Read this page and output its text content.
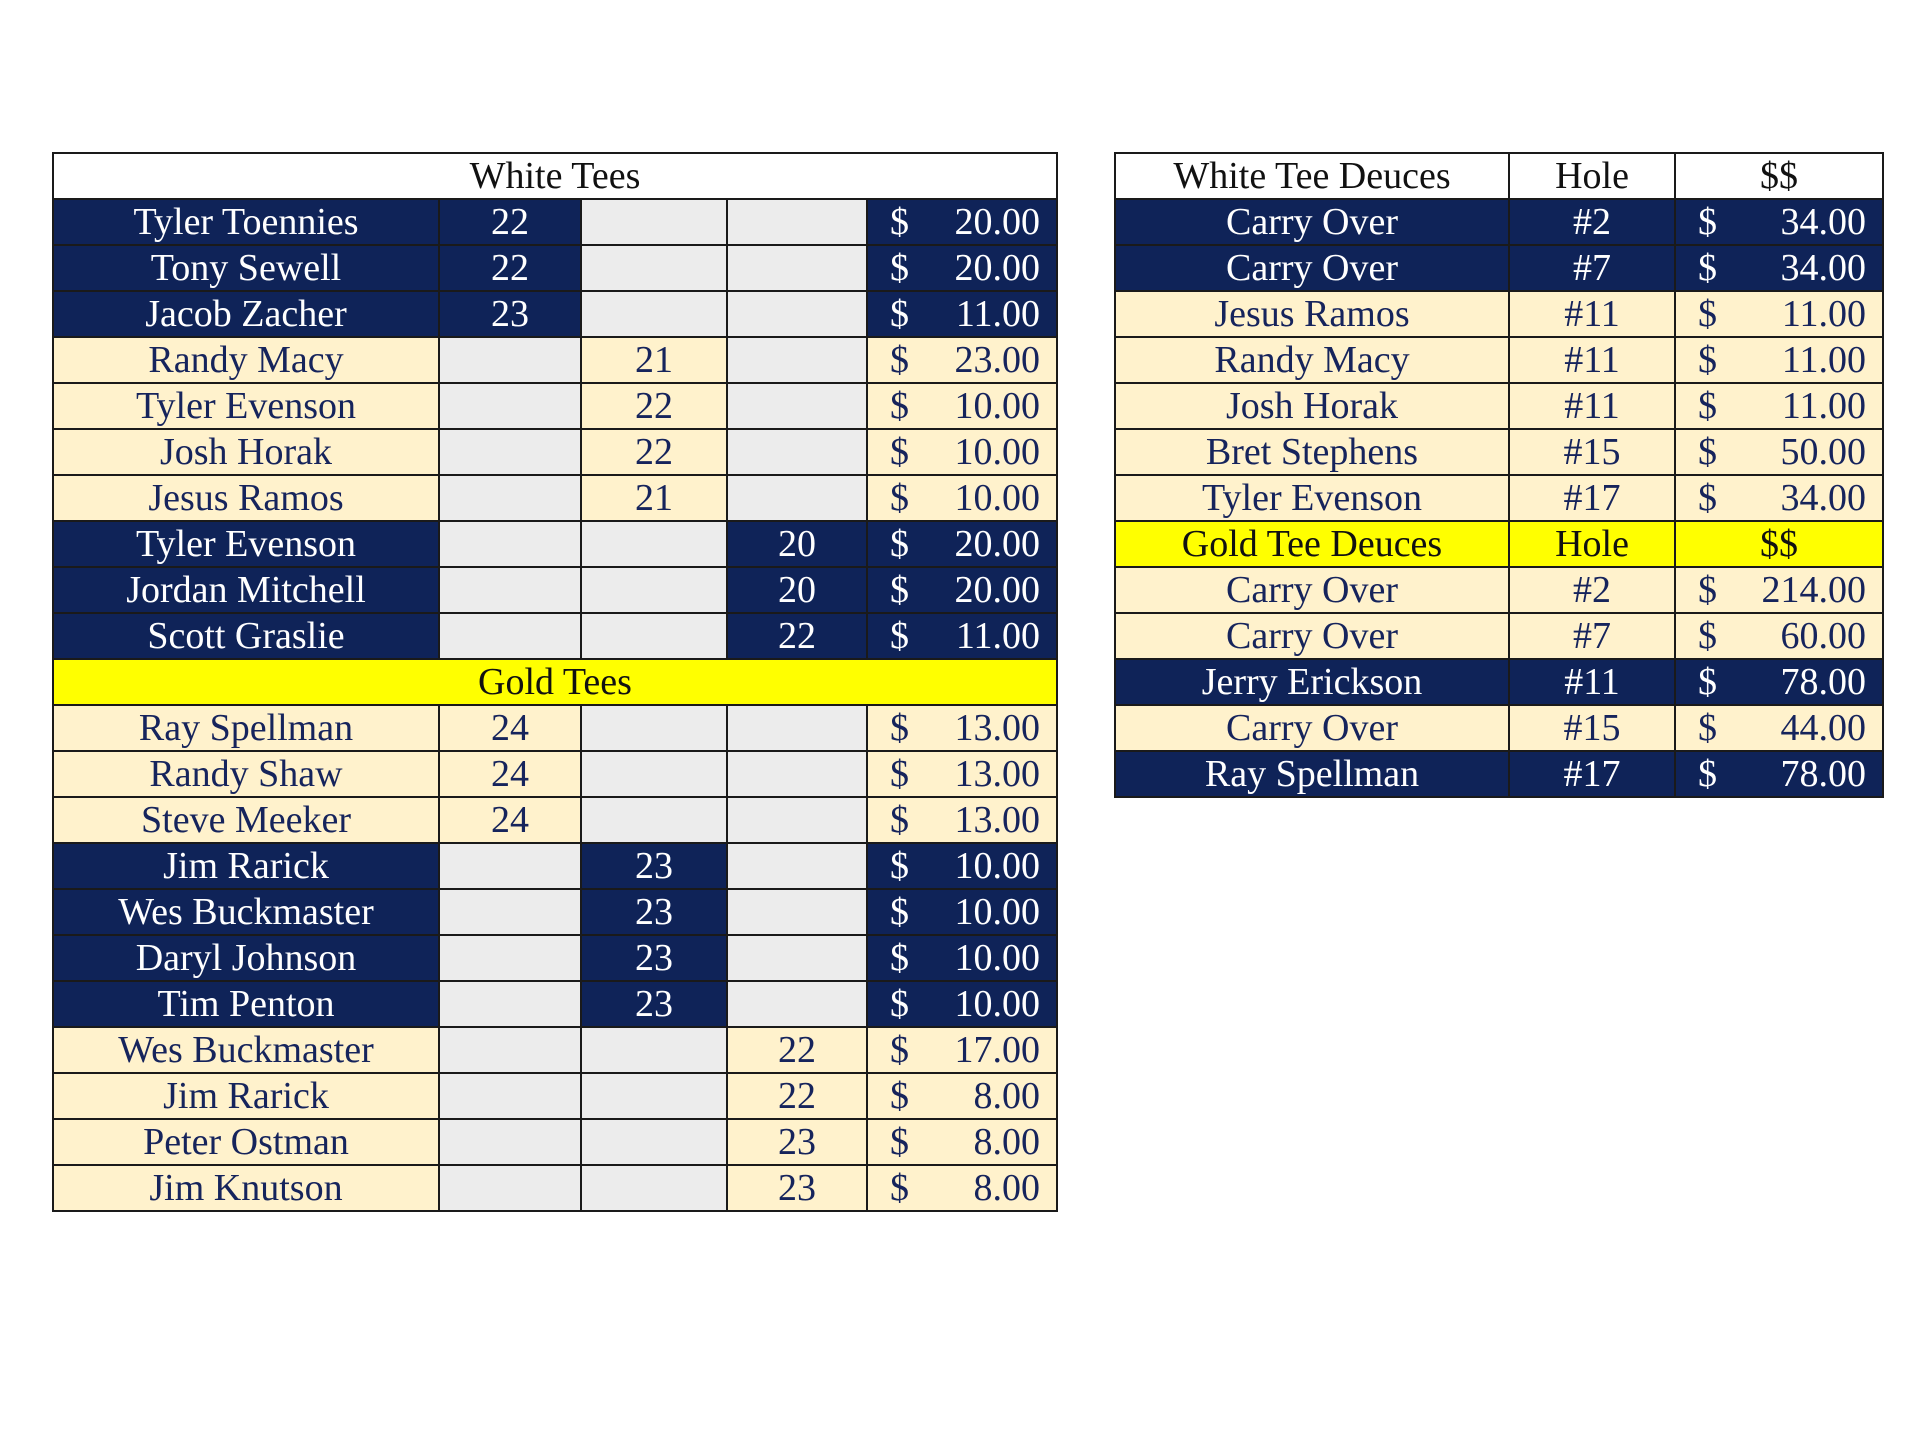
White Tees				
Tyler Toennies	22			$ 20.00

Tony Sewell	22			$ 20.00

Jacob Zacher	23			$ 11.00

Randy Macy		21		$ 23.00

Tyler Evenson		22		$ 10.00

Josh Horak		22		$ 10.00

Jesus Ramos		21		$ 10.00

Tyler Evenson			20	$ 20.00

Jordan Mitchell			20	$ 20.00

Scott Graslie			22	$ 11.00

Gold Tees				
Ray Spellman	24			$ 13.00

Randy Shaw	24			$ 13.00

Steve Meeker	24			$ 13.00

Jim Rarick		23		$ 10.00

Wes Buckmaster		23		$ 10.00

Daryl Johnson		23		$ 10.00

Tim Penton		23		$ 10.00

Wes Buckmaster			22	$ 17.00

Jim Rarick			22	$ 8.00

Peter Ostman			23	$ 8.00

Jim Knutson			23	$ 8.00
White Tee Deuces	Hole	$$
Carry Over	#2	$ 34.00

Carry Over	#7	$ 34.00

Jesus Ramos	#11	$ 11.00

Randy Macy	#11	$ 11.00

Josh Horak	#11	$ 11.00

Bret Stephens	#15	$ 50.00

Tyler Evenson	#17	$ 34.00

Gold Tee Deuces	Hole	$$
Carry Over	#2	$ 214.00

Carry Over	#7	$ 60.00

Jerry Erickson	#11	$ 78.00

Carry Over	#15	$ 44.00

Ray Spellman	#17	$ 78.00
